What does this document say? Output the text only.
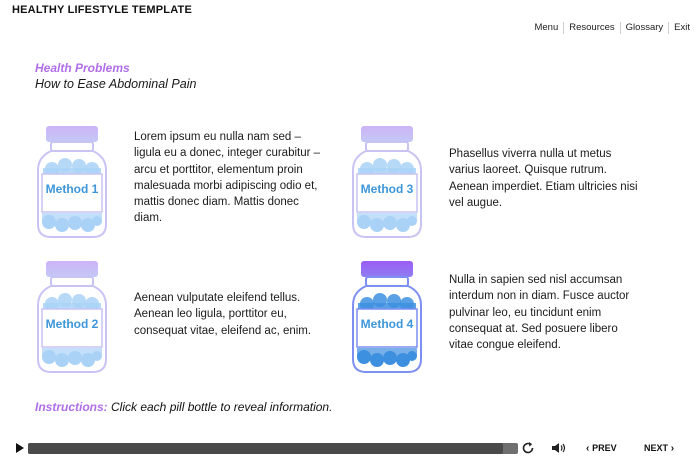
HEALTHY LIFESTYLE TEMPLATE
Menu	Resources	Glossary	Exit
Health Problems
How to Ease Abdominal Pain
Method 1
Lorem ipsum eu nulla nam sed – ligula eu a donec, integer curabitur – arcu et porttitor, elementum proin malesuada morbi adipiscing odio et, mattis donec diam. Mattis donec diam.
Method 2
Aenean vulputate eleifend tellus. Aenean leo ligula, porttitor eu, consequat vitae, eleifend ac, enim.
Method 3
Phasellus viverra nulla ut metus varius laoreet. Quisque rutrum. Aenean imperdiet. Etiam ultricies nisi vel augue.
Method 4
Nulla in sapien sed nisl accumsan interdum non in diam. Fusce auctor pulvinar leo, eu tincidunt enim consequat at. Sed posuere libero vitae congue eleifend.
Instructions: Click each pill bottle to reveal information.
‹ PREV	NEXT ›
